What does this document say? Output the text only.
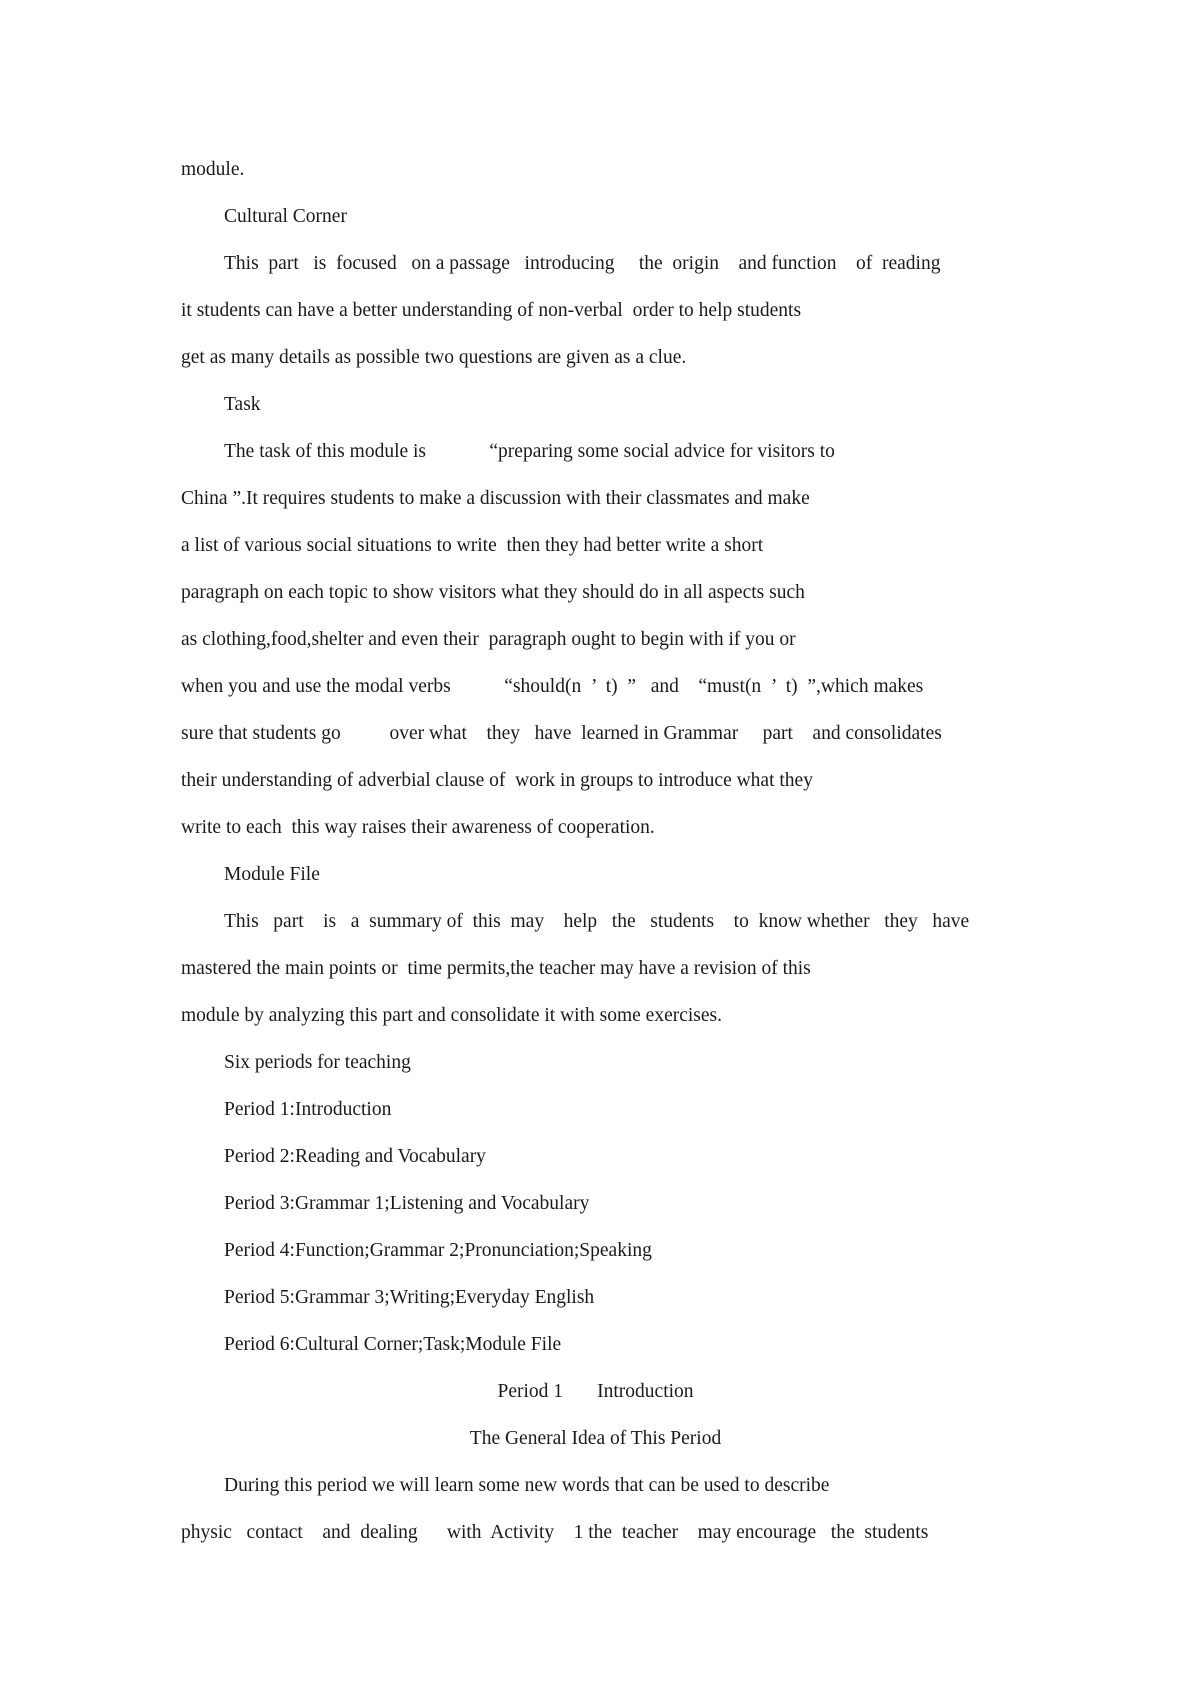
module.
Cultural Corner
This  part   is  focused   on a passage   introducing     the  origin    and function    of  reading
it students can have a better understanding of non-verbal  order to help students
get as many details as possible two questions are given as a clue.
Task
The task of this module is             “preparing some social advice for visitors to
China ”.It requires students to make a discussion with their classmates and make
a list of various social situations to write  then they had better write a short
paragraph on each topic to show visitors what they should do in all aspects such
as clothing,food,shelter and even their  paragraph ought to begin with if you or
when you and use the modal verbs           “should(n  ’  t)  ”   and    “must(n  ’  t)  ”,which makes
sure that students go          over what    they   have  learned in Grammar     part    and consolidates
their understanding of adverbial clause of  work in groups to introduce what they
write to each  this way raises their awareness of cooperation.
Module File
This   part    is   a  summary of  this  may    help   the   students    to  know whether   they   have
mastered the main points or  time permits,the teacher may have a revision of this
module by analyzing this part and consolidate it with some exercises.
Six periods for teaching
Period 1:Introduction
Period 2:Reading and Vocabulary
Period 3:Grammar 1;Listening and Vocabulary
Period 4:Function;Grammar 2;Pronunciation;Speaking
Period 5:Grammar 3;Writing;Everyday English
Period 6:Cultural Corner;Task;Module File
Period 1       Introduction
The General Idea of This Period
During this period we will learn some new words that can be used to describe
physic   contact    and  dealing      with  Activity    1 the  teacher    may encourage   the  students
